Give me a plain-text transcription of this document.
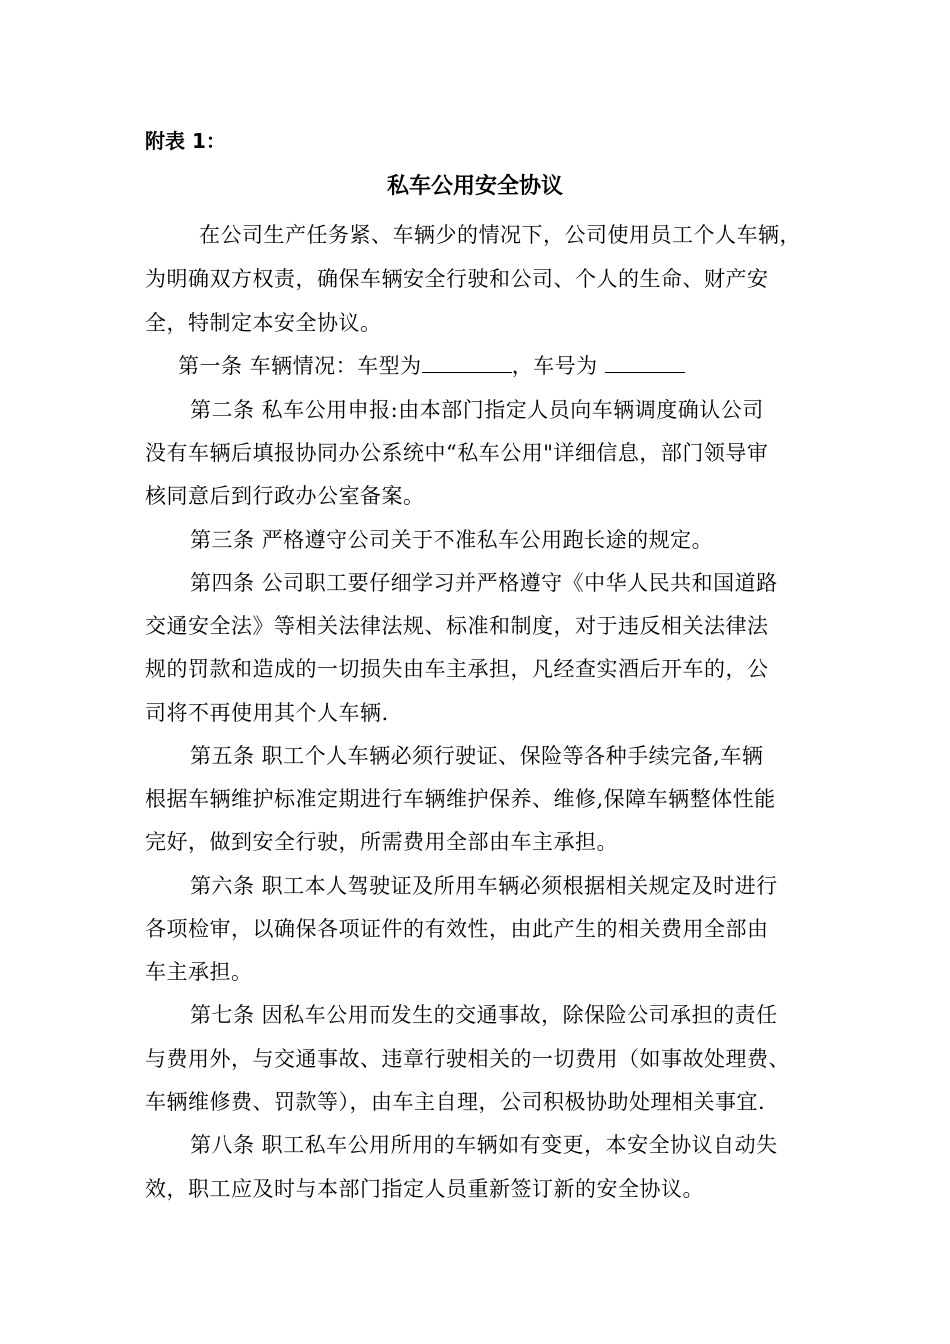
附表 1：
私车公用安全协议
在公司生产任务紧、车辆少的情况下，公司使用员工个人车辆，
为明确双方权责，确保车辆安全行驶和公司、个人的生命、财产安
全，特制定本安全协议。
第一条 车辆情况：车型为	，车号为
第二条 私车公用申报:由本部门指定人员向车辆调度确认公司
没有车辆后填报协同办公系统中“私车公用"详细信息，部门领导审
核同意后到行政办公室备案。
第三条 严格遵守公司关于不准私车公用跑长途的规定。
第四条 公司职工要仔细学习并严格遵守《中华人民共和国道路
交通安全法》等相关法律法规、标准和制度，对于违反相关法律法
规的罚款和造成的一切损失由车主承担，凡经查实酒后开车的，公
司将不再使用其个人车辆.
第五条 职工个人车辆必须行驶证、保险等各种手续完备,车辆
根据车辆维护标准定期进行车辆维护保养、维修,保障车辆整体性能
完好，做到安全行驶，所需费用全部由车主承担。
第六条 职工本人驾驶证及所用车辆必须根据相关规定及时进行
各项检审，以确保各项证件的有效性，由此产生的相关费用全部由
车主承担。
第七条 因私车公用而发生的交通事故，除保险公司承担的责任
与费用外，与交通事故、违章行驶相关的一切费用（如事故处理费、
车辆维修费、罚款等），由车主自理，公司积极协助处理相关事宜.
第八条 职工私车公用所用的车辆如有变更，本安全协议自动失
效，职工应及时与本部门指定人员重新签订新的安全协议。
